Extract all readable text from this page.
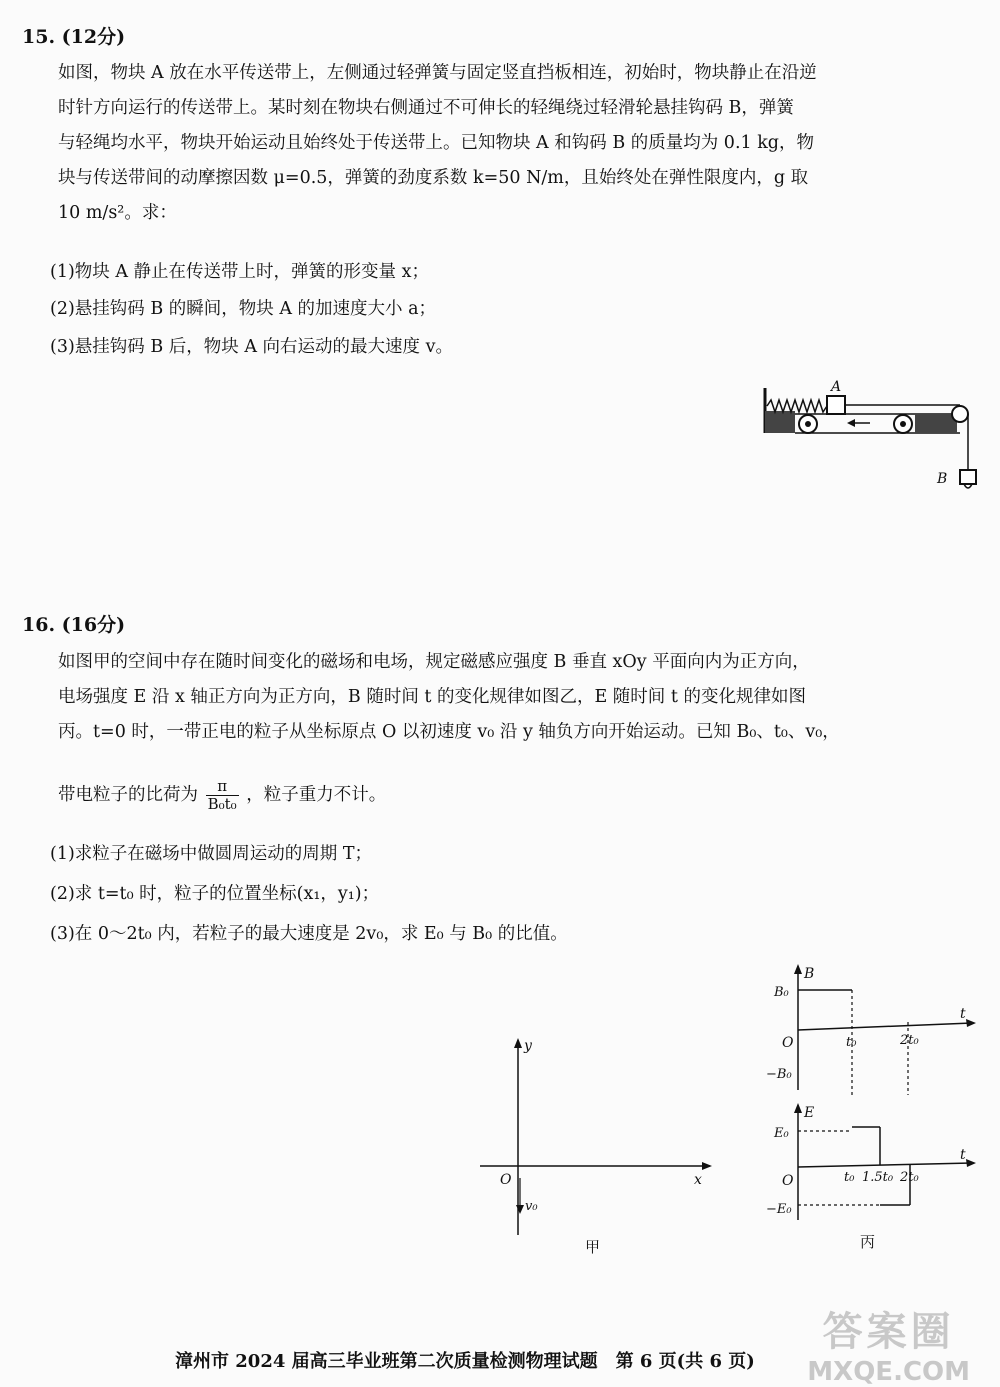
15. (12分)

如图，物块 A 放在水平传送带上，左侧通过轻弹簧与固定竖直挡板相连，初始时，物块静止在沿逆

时针方向运行的传送带上。某时刻在物块右侧通过不可伸长的轻绳绕过轻滑轮悬挂钩码 B，弹簧

与轻绳均水平，物块开始运动且始终处于传送带上。已知物块 A 和钩码 B 的质量均为 0.1 kg，物

块与传送带间的动摩擦因数 μ=0.5，弹簧的劲度系数 k=50 N/m，且始终处在弹性限度内，g 取

10 m/s²。求：

(1)物块 A 静止在传送带上时，弹簧的形变量 x；
(2)悬挂钩码 B 的瞬间，物块 A 的加速度大小 a；
(3)悬挂钩码 B 后，物块 A 向右运动的最大速度 v。
A
B
16. (16分)

如图甲的空间中存在随时间变化的磁场和电场，规定磁感应强度 B 垂直 xOy 平面向内为正方向，

电场强度 E 沿 x 轴正方向为正方向，B 随时间 t 的变化规律如图乙，E 随时间 t 的变化规律如图

丙。t=0 时，一带正电的粒子从坐标原点 O 以初速度 v₀ 沿 y 轴负方向开始运动。已知 B₀、t₀、v₀，

带电粒子的比荷为 $\frac{\pi}{\text{B₀t₀}}$ ，粒子重力不计。
(1)求粒子在磁场中做圆周运动的周期 T；
(2)求 t=t₀ 时，粒子的位置坐标(x₁，y₁)；
(3)在 0～2t₀ 内，若粒子的最大速度是 2v₀，求 E₀ 与 B₀ 的比值。
y
x
O
v₀
甲
B
t
O
B₀
−B₀
t₀	2t₀
E
t
O
E₀
−E₀
t₀ 1.5t₀ 2t₀
丙
漳州市 2024 届高三毕业班第二次质量检测物理试题　第 6 页(共 6 页)
答案圈
MXQE.COM
